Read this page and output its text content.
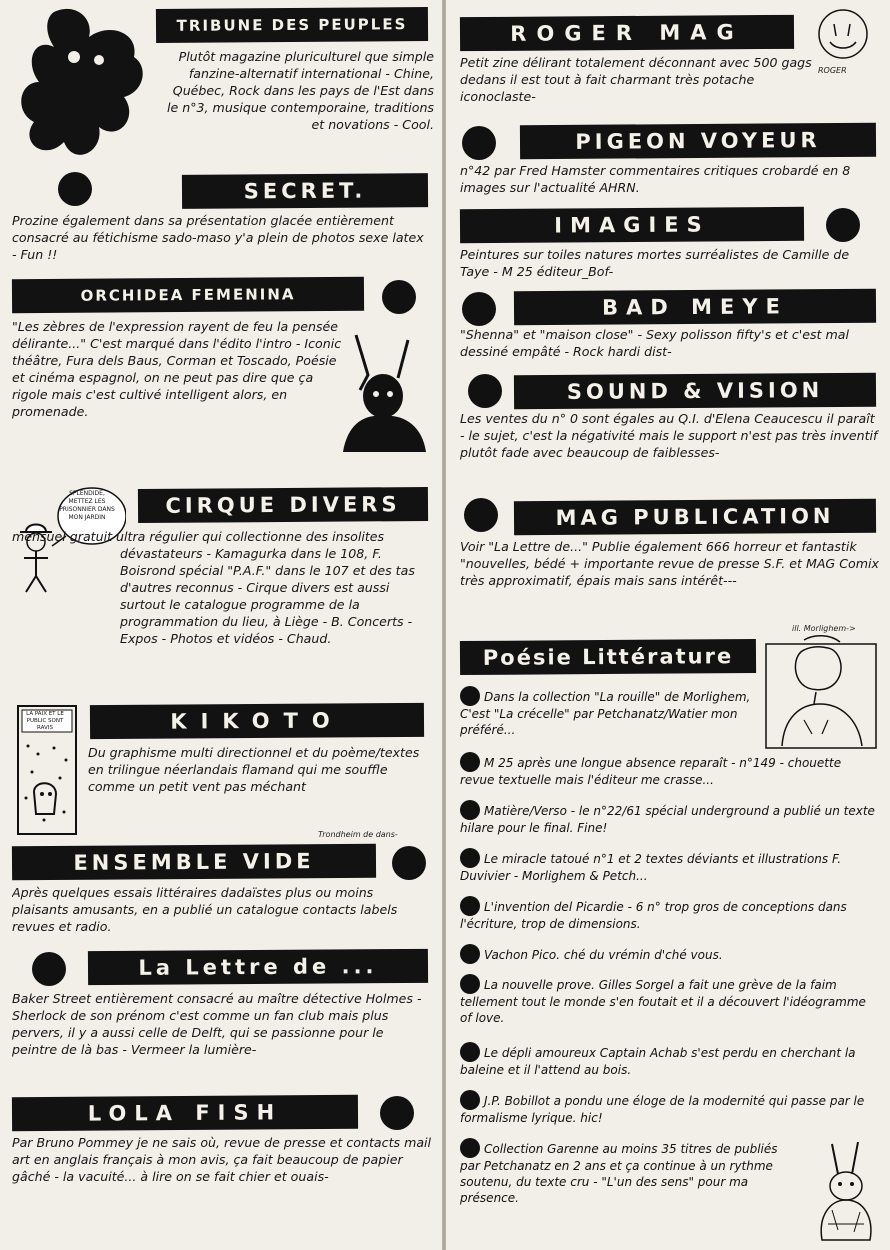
TRIBUNE DES PEUPLES
Plutôt magazine pluriculturel que simple fanzine-alternatif international - Chine, Québec, Rock dans les pays de l'Est dans le n°3, musique contemporaine, traditions et novations - Cool.
SECRET.
Prozine également dans sa présentation glacée entièrement consacré au fétichisme sado-maso y'a plein de photos sexe latex - Fun !!
ORCHIDEA FEMENINA
"Les zèbres de l'expression rayent de feu la pensée délirante..." C'est marqué dans l'édito l'intro - Iconic théâtre, Fura dels Baus, Corman et Toscado, Poésie et cinéma espagnol, on ne peut pas dire que ça rigole mais c'est cultivé intelligent alors, en promenade.
CIRQUE DIVERS
SPLENDIDE, METTEZ LES PRISONNIER DANS MON JARDIN
mensuel gratuit ultra régulier qui collectionne des insolites dévastateurs - Kamagurka dans le 108, F. Boisrond spécial "P.A.F." dans le 107 et des tas d'autres reconnus - Cirque divers est aussi surtout le catalogue programme de la programmation du lieu, à Liège - B. Concerts - Expos - Photos et vidéos - Chaud.
LA PAIX ET LE PUBLIC SONT RAVIS	KIKOTO
Du graphisme multi directionnel et du poème/textes en trilingue néerlandais flamand qui me souffle comme un petit vent pas méchant
Trondheim de dans-
ENSEMBLE VIDE
Après quelques essais littéraires dadaïstes plus ou moins plaisants amusants, en a publié un catalogue contacts labels revues et radio.
La Lettre de ...
Baker Street entièrement consacré au maître détective Holmes - Sherlock de son prénom c'est comme un fan club mais plus pervers, il y a aussi celle de Delft, qui se passionne pour le peintre de là bas - Vermeer la lumière-
LOLA FISH
Par Bruno Pommey je ne sais où, revue de presse et contacts mail art en anglais français à mon avis, ça fait beaucoup de papier gâché - la vacuité... à lire on se fait chier et ouais-
ROGER MAG
ROGER
Petit zine délirant totalement déconnant avec 500 gags dedans il est tout à fait charmant très potache iconoclaste-
PIGEON VOYEUR
n°42 par Fred Hamster commentaires critiques crobardé en 8 images sur l'actualité AHRN.
IMAGIES
Peintures sur toiles natures mortes surréalistes de Camille de Taye - M 25 éditeur_Bof-
BAD MEYE
"Shenna" et "maison close" - Sexy polisson fifty's et c'est mal dessiné empâté - Rock hardi dist-
SOUND & VISION
Les ventes du n° 0 sont égales au Q.I. d'Elena Ceaucescu il paraît - le sujet, c'est la négativité mais le support n'est pas très inventif plutôt fade avec beaucoup de faiblesses-
MAG PUBLICATION
Voir "La Lettre de..." Publie également 666 horreur et fantastik "nouvelles, bédé + importante revue de presse S.F. et MAG Comix très approximatif, épais mais sans intérêt---
ill. Morlighem->
Poésie Littérature
Dans la collection "La rouille" de Morlighem, C'est "La crécelle" par Petchanatz/Watier mon préféré...
M 25 après une longue absence reparaît - n°149 - chouette revue textuelle mais l'éditeur me crasse...
Matière/Verso - le n°22/61 spécial underground a publié un texte hilare pour le final. Fine!
Le miracle tatoué n°1 et 2 textes déviants et illustrations F. Duvivier - Morlighem & Petch...
L'invention del Picardie - 6 n° trop gros de conceptions dans l'écriture, trop de dimensions.
Vachon Pico. ché du vrémin d'ché vous.
La nouvelle prove. Gilles Sorgel a fait une grève de la faim tellement tout le monde s'en foutait et il a découvert l'idéogramme of love.
Le dépli amoureux Captain Achab s'est perdu en cherchant la baleine et il l'attend au bois.
J.P. Bobillot a pondu une éloge de la modernité qui passe par le formalisme lyrique. hic!
Collection Garenne au moins 35 titres de publiés par Petchanatz en 2 ans et ça continue à un rythme soutenu, du texte cru - "L'un des sens" pour ma présence.
